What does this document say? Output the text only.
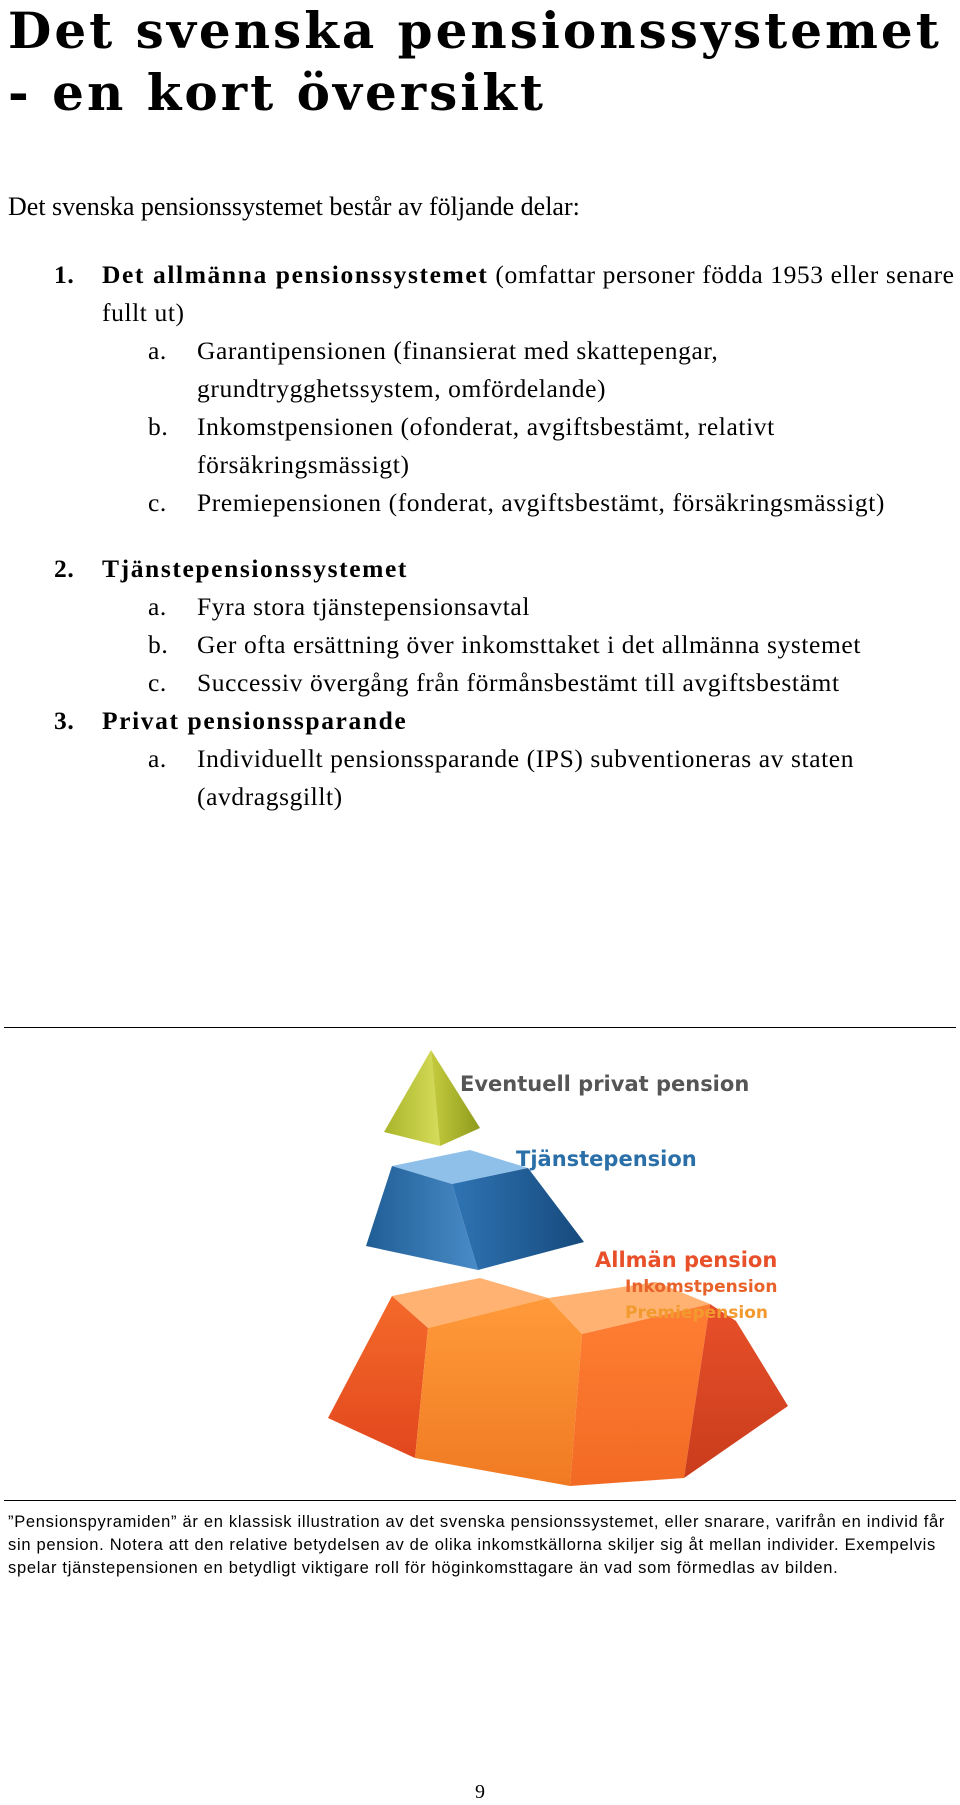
Det svenska pensionssystemet - en kort översikt

Det svenska pensionssystemet består av följande delar:

1. Det allmänna pensionssystemet (omfattar personer födda 1953 eller senare fullt ut)

a. Garantipensionen (finansierat med skattepengar, grundtrygghetssystem, omfördelande)

b. Inkomstpensionen (ofonderat, avgiftsbestämt, relativt försäkringsmässigt)

c. Premiepensionen (fonderat, avgiftsbestämt, försäkringsmässigt)

2. Tjänstepensionssystemet

a. Fyra stora tjänstepensionsavtal

b. Ger ofta ersättning över inkomsttaket i det allmänna systemet

c. Successiv övergång från förmånsbestämt till avgiftsbestämt

3. Privat pensionssparande

a. Individuellt pensionssparande (IPS) subventioneras av staten (avdragsgillt)

Eventuell privat pension
Tjänstepension
Allmän pension
Inkomstpension
Premiepension

”Pensionspyramiden” är en klassisk illustration av det svenska pensionssystemet, eller snarare, varifrån en individ får sin pension. Notera att den relative betydelsen av de olika inkomstkällorna skiljer sig åt mellan individer. Exempelvis spelar tjänstepensionen en betydligt viktigare roll för höginkomsttagare än vad som förmedlas av bilden.

9
